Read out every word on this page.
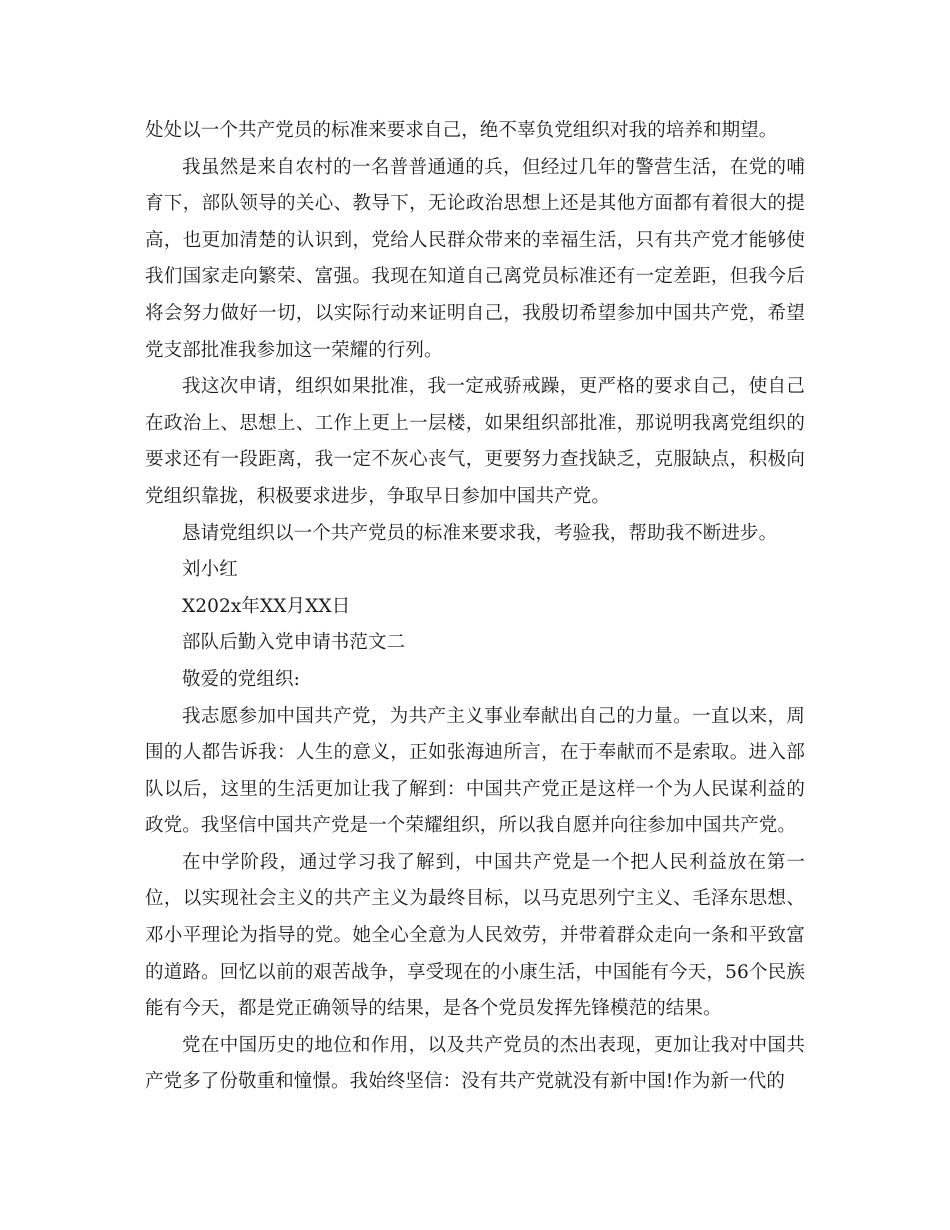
处处以一个共产党员的标准来要求自己，绝不辜负党组织对我的培养和期望。

我虽然是来自农村的一名普普通通的兵，但经过几年的警营生活，在党的哺育下，部队领导的关心、教导下，无论政治思想上还是其他方面都有着很大的提高，也更加清楚的认识到，党给人民群众带来的幸福生活，只有共产党才能够使我们国家走向繁荣、富强。我现在知道自己离党员标准还有一定差距，但我今后将会努力做好一切，以实际行动来证明自己，我殷切希望参加中国共产党，希望党支部批准我参加这一荣耀的行列。

我这次申请，组织如果批准，我一定戒骄戒躁，更严格的要求自己，使自己在政治上、思想上、工作上更上一层楼，如果组织部批准，那说明我离党组织的要求还有一段距离，我一定不灰心丧气，更要努力查找缺乏，克服缺点，积极向党组织靠拢，积极要求进步，争取早日参加中国共产党。

恳请党组织以一个共产党员的标准来要求我，考验我，帮助我不断进步。

刘小红

X202x年XX月XX日

部队后勤入党申请书范文二

敬爱的党组织:

我志愿参加中国共产党，为共产主义事业奉献出自己的力量。一直以来，周围的人都告诉我：人生的意义，正如张海迪所言，在于奉献而不是索取。进入部队以后，这里的生活更加让我了解到：中国共产党正是这样一个为人民谋利益的政党。我坚信中国共产党是一个荣耀组织，所以我自愿并向往参加中国共产党。

在中学阶段，通过学习我了解到，中国共产党是一个把人民利益放在第一位，以实现社会主义的共产主义为最终目标，以马克思列宁主义、毛泽东思想、邓小平理论为指导的党。她全心全意为人民效劳，并带着群众走向一条和平致富的道路。回忆以前的艰苦战争，享受现在的小康生活，中国能有今天，56个民族能有今天，都是党正确领导的结果，是各个党员发挥先锋模范的结果。

党在中国历史的地位和作用，以及共产党员的杰出表现，更加让我对中国共产党多了份敬重和憧憬。我始终坚信：没有共产党就没有新中国!作为新一代的
